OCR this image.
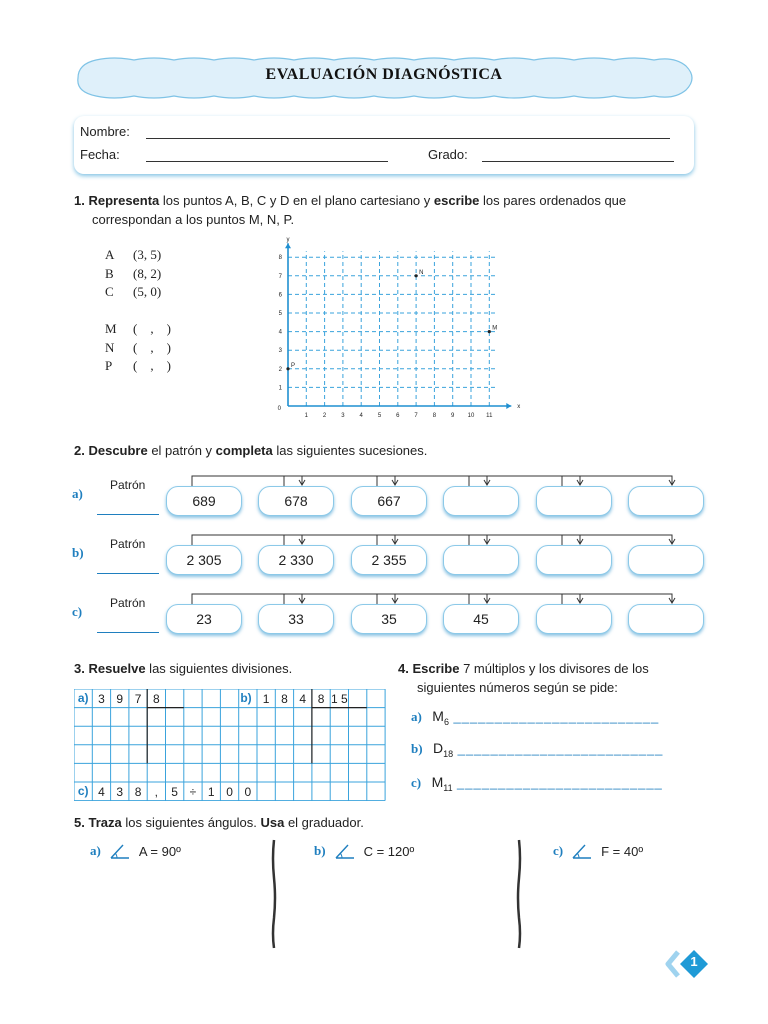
EVALUACIÓN DIAGNÓSTICA
Nombre:
Fecha:	Grado:
1. Representa los puntos A, B, C y D en el plano cartesiano y escribe los pares ordenados que
correspondan a los puntos M, N, P.
A	(3, 5)
B	(8, 2)
C	(5, 0)
M	(    ,    )
N	(    ,    )
P	(    ,    )
1 2 3 4 5 6 7 8 9 10 11
1
2
3
4
5
6
7
8
0	x
y
N
M
P
2. Descubre el patrón y completa las siguientes sucesiones.
a)
Patrón
689	678	667
b)
Patrón
2 305	2 330	2 355
c)
Patrón
23	33	35	45
3. Resuelve las siguientes divisiones.
a) 3 9 7 8	b) 1 8 4 8 1 5
c) 4 3 8 , 5 ÷ 1 0 0
4. Escribe 7 múltiplos y los divisores de los
siguientes números según se pide:
a) $M_6$ _________________________
b) $D_{18}$ _________________________
c) $M_{11}$ _________________________
5. Traza los siguientes ángulos. Usa el graduador.
a)	A = 90º	b)	C = 120º	c)	F = 40º
1
